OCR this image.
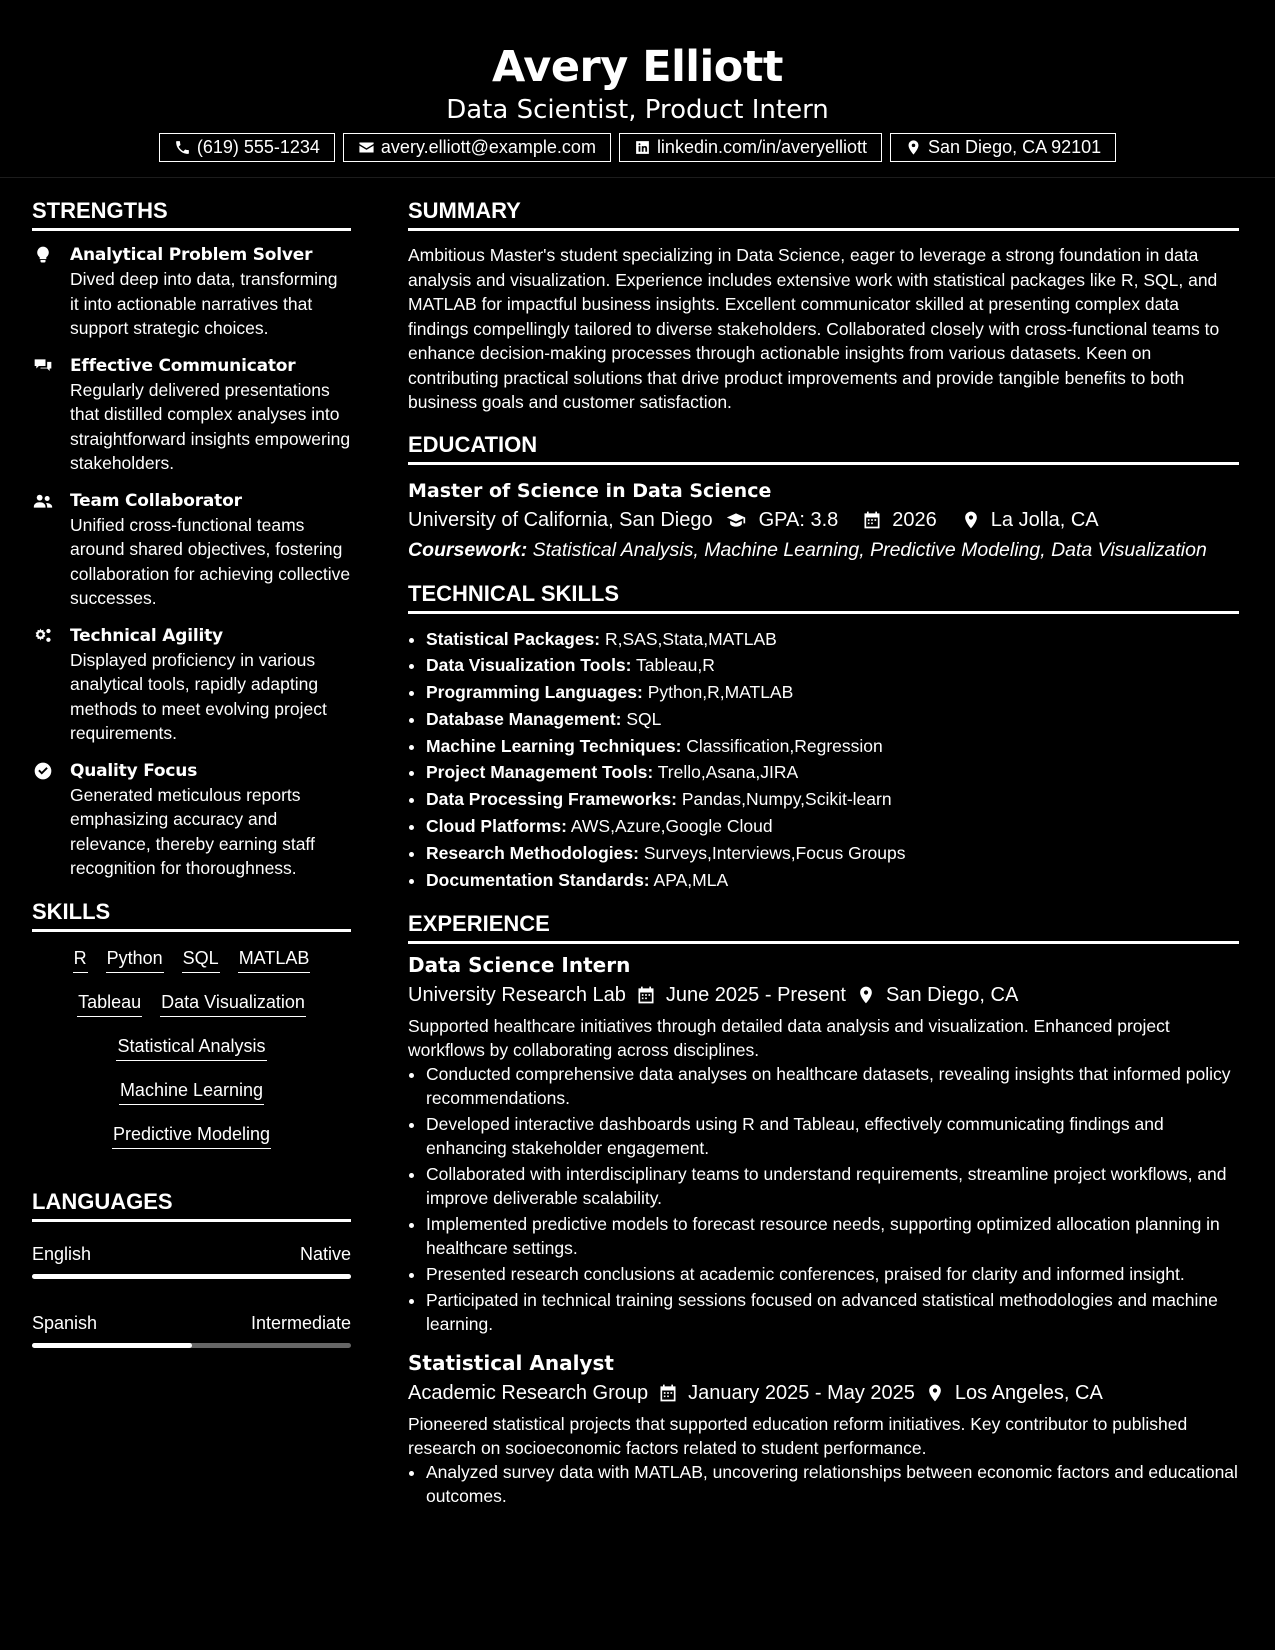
Avery Elliott
Data Scientist, Product Intern
(619) 555-1234	avery.elliott@example.com	linkedin.com/in/averyelliott	San Diego, CA 92101
STRENGTHS
Analytical Problem Solver
Dived deep into data, transforming it into actionable narratives that support strategic choices.
Effective Communicator
Regularly delivered presentations that distilled complex analyses into straightforward insights empowering stakeholders.
Team Collaborator
Unified cross-functional teams around shared objectives, fostering collaboration for achieving collective successes.
Technical Agility
Displayed proficiency in various analytical tools, rapidly adapting methods to meet evolving project requirements.
Quality Focus
Generated meticulous reports emphasizing accuracy and relevance, thereby earning staff recognition for thoroughness.
SKILLS
R Python SQL MATLAB
Tableau Data Visualization
Statistical Analysis
Machine Learning
Predictive Modeling
LANGUAGES
English	Native
Spanish	Intermediate
SUMMARY
Ambitious Master's student specializing in Data Science, eager to leverage a strong foundation in data analysis and visualization. Experience includes extensive work with statistical packages like R, SQL, and MATLAB for impactful business insights. Excellent communicator skilled at presenting complex data findings compellingly tailored to diverse stakeholders. Collaborated closely with cross-functional teams to enhance decision-making processes through actionable insights from various datasets. Keen on contributing practical solutions that drive product improvements and provide tangible benefits to both business goals and customer satisfaction.
EDUCATION
Master of Science in Data Science
University of California, San Diego GPA: 3.8	2026	La Jolla, CA
Coursework: Statistical Analysis, Machine Learning, Predictive Modeling, Data Visualization
TECHNICAL SKILLS
• Statistical Packages: R,SAS,Stata,MATLAB
• Data Visualization Tools: Tableau,R
• Programming Languages: Python,R,MATLAB
• Database Management: SQL
• Machine Learning Techniques: Classification,Regression
• Project Management Tools: Trello,Asana,JIRA
• Data Processing Frameworks: Pandas,Numpy,Scikit-learn
• Cloud Platforms: AWS,Azure,Google Cloud
• Research Methodologies: Surveys,Interviews,Focus Groups
• Documentation Standards: APA,MLA
EXPERIENCE
Data Science Intern
University Research Lab June 2025 - Present San Diego, CA
Supported healthcare initiatives through detailed data analysis and visualization. Enhanced project workflows by collaborating across disciplines.
• Conducted comprehensive data analyses on healthcare datasets, revealing insights that informed policy recommendations.
• Developed interactive dashboards using R and Tableau, effectively communicating findings and enhancing stakeholder engagement.
• Collaborated with interdisciplinary teams to understand requirements, streamline project workflows, and improve deliverable scalability.
• Implemented predictive models to forecast resource needs, supporting optimized allocation planning in healthcare settings.
• Presented research conclusions at academic conferences, praised for clarity and informed insight.
• Participated in technical training sessions focused on advanced statistical methodologies and machine learning.
Statistical Analyst
Academic Research Group January 2025 - May 2025 Los Angeles, CA
Pioneered statistical projects that supported education reform initiatives. Key contributor to published research on socioeconomic factors related to student performance.
• Analyzed survey data with MATLAB, uncovering relationships between economic factors and educational outcomes.
